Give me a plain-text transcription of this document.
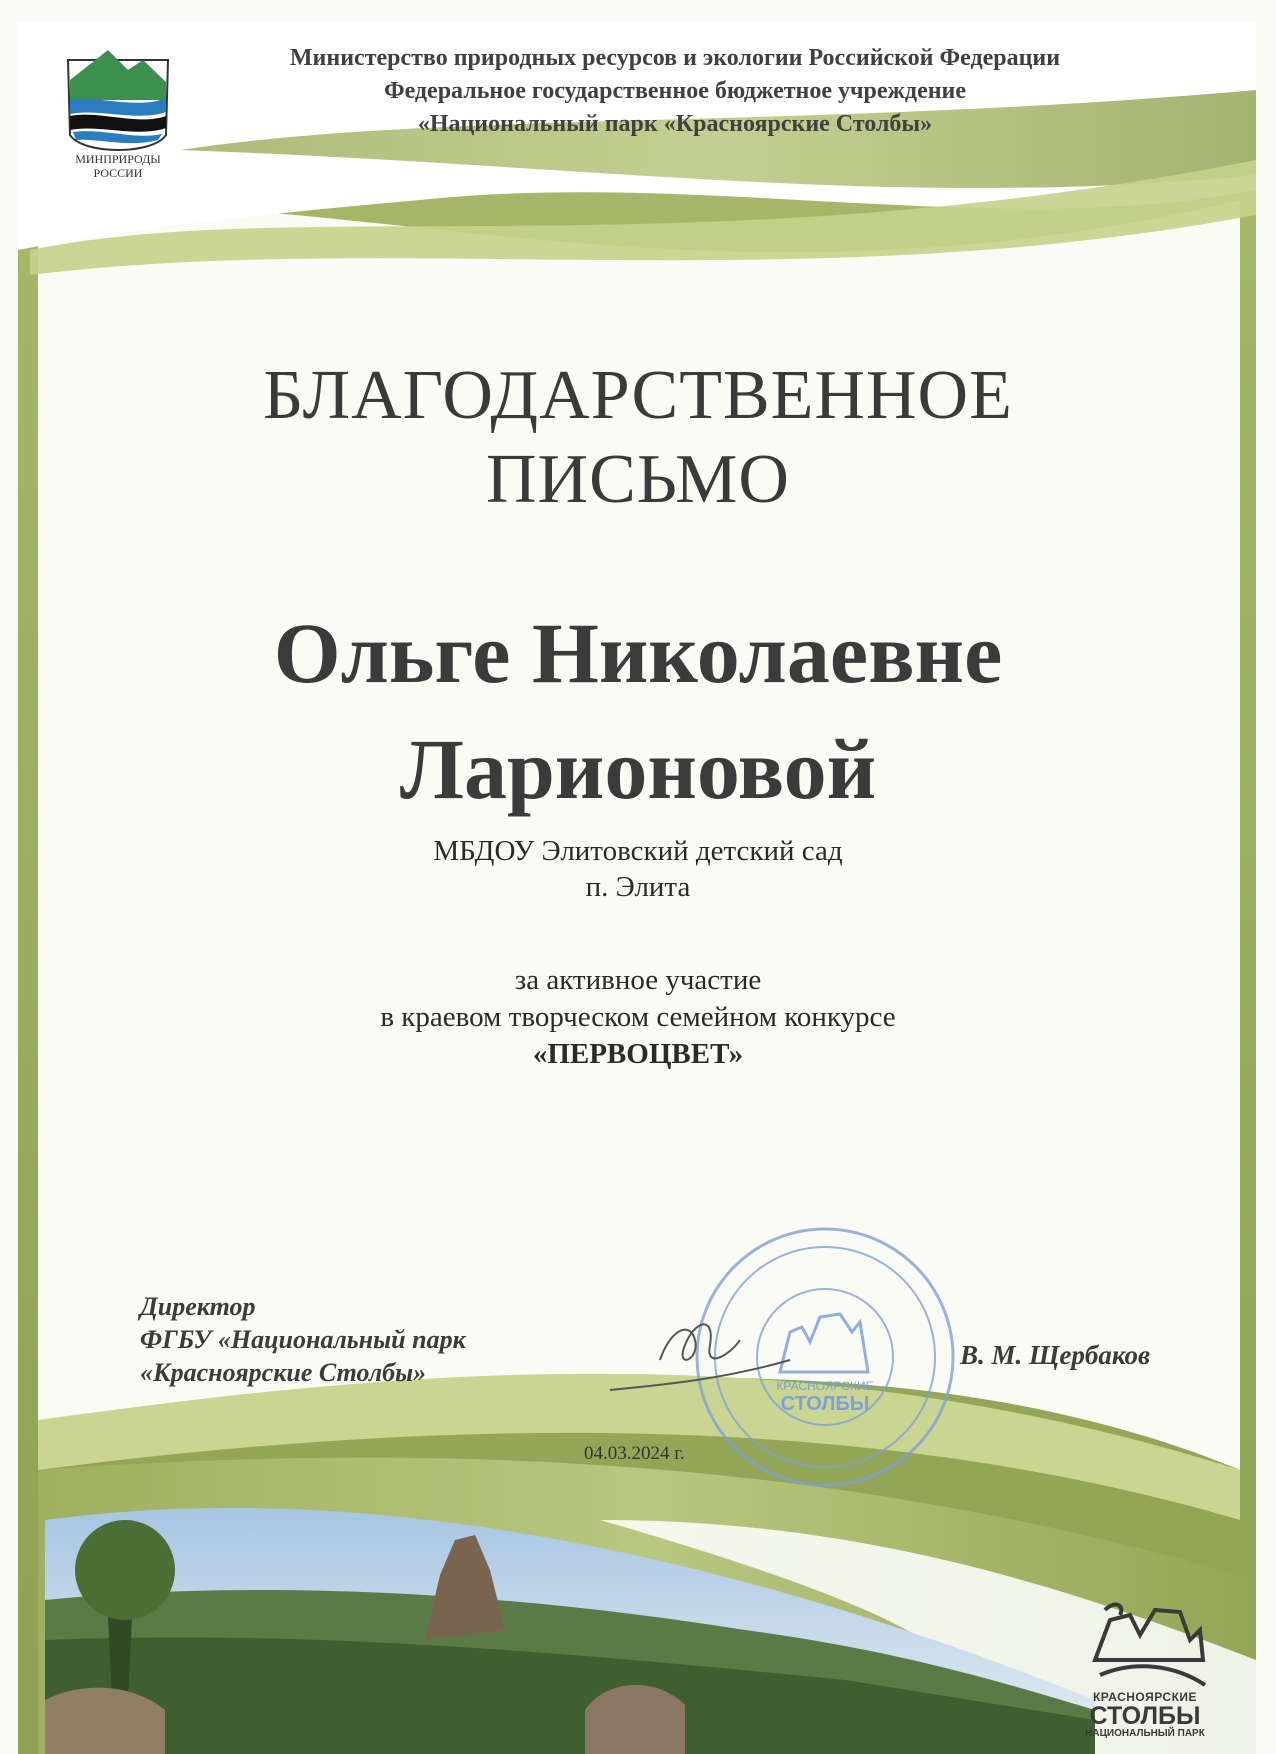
МИНПРИРОДЫ
РОССИИ
Министерство природных ресурсов и экологии Российской Федерации
Федеральное государственное бюджетное учреждение
«Национальный парк «Красноярские Столбы»
БЛАГОДАРСТВЕННОЕ
ПИСЬМО
Ольге Николаевне
Ларионовой
МБДОУ Элитовский детский сад
п. Элита
за активное участие
в краевом творческом семейном конкурсе
«ПЕРВОЦВЕТ»
Директор
ФГБУ «Национальный парк
«Красноярские Столбы»	КРАСНОЯРСКИЕ
СТОЛБЫ
В. М. Щербаков
04.03.2024 г.
КРАСНОЯРСКИЕ
СТОЛБЫ
НАЦИОНАЛЬНЫЙ ПАРК
